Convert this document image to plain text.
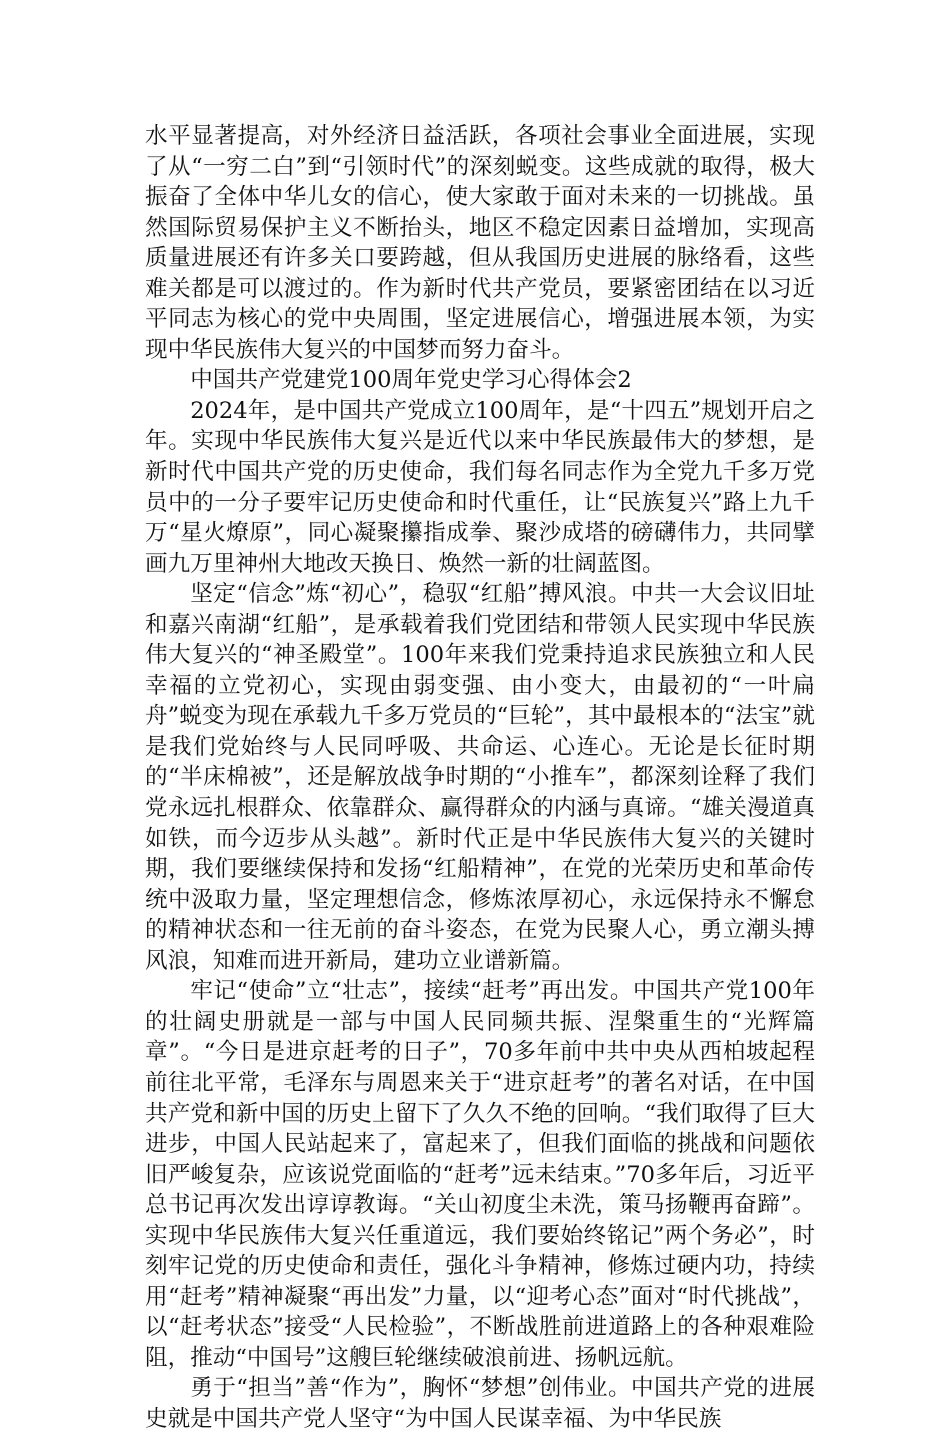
水平显著提高，对外经济日益活跃，各项社会事业全面进展，实现了从“一穷二白”到“引领时代”的深刻蜕变。这些成就的取得，极大振奋了全体中华儿女的信心，使大家敢于面对未来的一切挑战。虽然国际贸易保护主义不断抬头，地区不稳定因素日益增加，实现高质量进展还有许多关口要跨越，但从我国历史进展的脉络看，这些难关都是可以渡过的。作为新时代共产党员，要紧密团结在以习近平同志为核心的党中央周围，坚定进展信心，增强进展本领，为实现中华民族伟大复兴的中国梦而努力奋斗。

中国共产党建党100周年党史学习心得体会2

2024年，是中国共产党成立100周年，是“十四五”规划开启之年。实现中华民族伟大复兴是近代以来中华民族最伟大的梦想，是新时代中国共产党的历史使命，我们每名同志作为全党九千多万党员中的一分子要牢记历史使命和时代重任，让“民族复兴”路上九千万“星火燎原”，同心凝聚攥指成拳、聚沙成塔的磅礴伟力，共同擘画九万里神州大地改天换日、焕然一新的壮阔蓝图。

坚定“信念”炼“初心”，稳驭“红船”搏风浪。中共一大会议旧址和嘉兴南湖“红船”，是承载着我们党团结和带领人民实现中华民族伟大复兴的“神圣殿堂”。100年来我们党秉持追求民族独立和人民幸福的立党初心，实现由弱变强、由小变大，由最初的“一叶扁舟”蜕变为现在承载九千多万党员的“巨轮”，其中最根本的“法宝”就是我们党始终与人民同呼吸、共命运、心连心。无论是长征时期的“半床棉被”，还是解放战争时期的“小推车”，都深刻诠释了我们党永远扎根群众、依靠群众、赢得群众的内涵与真谛。“雄关漫道真如铁，而今迈步从头越”。新时代正是中华民族伟大复兴的关键时期，我们要继续保持和发扬“红船精神”，在党的光荣历史和革命传统中汲取力量，坚定理想信念，修炼浓厚初心，永远保持永不懈怠的精神状态和一往无前的奋斗姿态，在党为民聚人心，勇立潮头搏风浪，知难而进开新局，建功立业谱新篇。

牢记“使命”立“壮志”，接续“赶考”再出发。中国共产党100年的壮阔史册就是一部与中国人民同频共振、涅槃重生的“光辉篇章”。“今日是进京赶考的日子”，70多年前中共中央从西柏坡起程前往北平常，毛泽东与周恩来关于“进京赶考”的著名对话，在中国共产党和新中国的历史上留下了久久不绝的回响。“我们取得了巨大进步，中国人民站起来了，富起来了，但我们面临的挑战和问题依旧严峻复杂，应该说党面临的“赶考”远未结束。”70多年后，习近平总书记再次发出谆谆教诲。“关山初度尘未洗，策马扬鞭再奋蹄”。实现中华民族伟大复兴任重道远，我们要始终铭记”两个务必”，时刻牢记党的历史使命和责任，强化斗争精神，修炼过硬内功，持续用“赶考”精神凝聚“再出发”力量，以“迎考心态”面对“时代挑战”，以“赶考状态”接受“人民检验”，不断战胜前进道路上的各种艰难险阻，推动“中国号”这艘巨轮继续破浪前进、扬帆远航。

勇于“担当”善“作为”，胸怀“梦想”创伟业。中国共产党的进展史就是中国共产党人坚守“为中国人民谋幸福、为中华民族
